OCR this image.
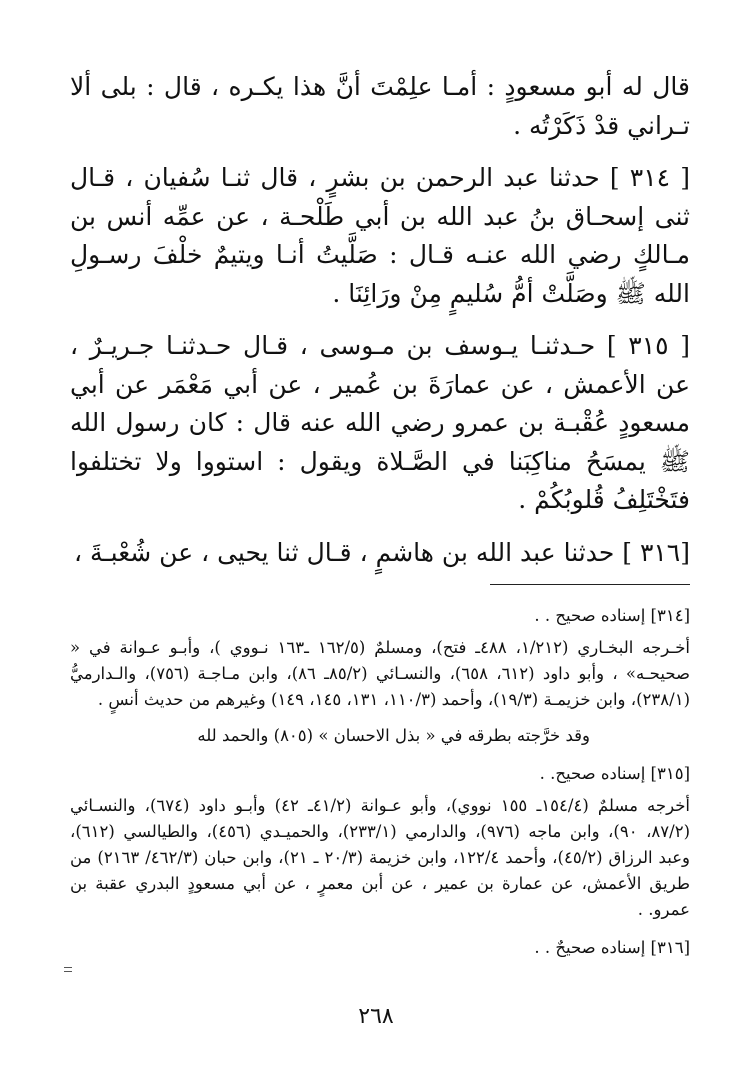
قال له أبو مسعودٍ : أمـا علِمْتَ أنَّ هذا يكـره ، قال : بلى ألا تـراني قدْ ذَكَرْتُه .

[ ٣١٤ ] حدثنا عبد الرحمن بن بشرٍ ، قال ثنـا سُفيان ، قـال ثنى إسحـاق بنُ عبد الله بن أبي طَلْحـة ، عن عمِّه أنس بن مـالكٍ رضي الله عنـه قـال : صَلَّيتُ أنـا ويتيمٌ خلْفَ رسـولِ الله ﷺ وصَلَّتْ أمُّ سُليمٍ مِنْ ورَائِنَا .

[ ٣١٥ ] حـدثنـا يـوسف بن مـوسى ، قـال حـدثنـا جـريـرٌ ، عن الأعمش ، عن عمارَةَ بن عُمير ، عن أبي مَعْمَر عن أبي مسعودٍ عُقْبـة بن عمرو رضي الله عنه قال : كان رسول الله ﷺ يمسَحُ مناكِبَنا في الصَّـلاة ويقول : استووا ولا تختلفوا فتَخْتَلِفُ قُلوبُكُمْ .

[٣١٦ ] حدثنا عبد الله بن هاشمٍ ، قـال ثنا يحيى ، عن شُعْبـةَ ،

[٣١٤] إسناده صحيح . .

أخـرجه البخـاري (١/٢١٢، ٤٨٨ـ فتح)، ومسلمٌ (١٦٢/٥ ـ١٦٣ نـووي )، وأبـو عـوانة في « صحيحـه» ، وأبو داود (٦١٢، ٦٥٨)، والنسـائي (٨٥/٢ـ ٨٦)، وابن مـاجـة (٧٥٦)، والـدارميُّ (٢٣٨/١)، وابن خزيمـة (١٩/٣)، وأحمد (١١٠/٣، ١٣١، ١٤٥، ١٤٩) وغيرهم من حديث أنسٍ .

وقد خرَّجته بطرقه في « بذل الاحسان » (٨٠٥) والحمد لله

[٣١٥] إسناده صحيح. .

أخرجه مسلمٌ (١٥٤/٤ـ ١٥٥ نووي)، وأبو عـوانة (٤١/٢ـ ٤٢) وأبـو داود (٦٧٤)، والنسـائي (٨٧/٢، ٩٠)، وابن ماجه (٩٧٦)، والدارمي (٢٣٣/١)، والحميـدي (٤٥٦)، والطيالسي (٦١٢)، وعبد الرزاق (٤٥/٢)، وأحمد ١٢٢/٤، وابن خزيمة (٢٠/٣ ـ ٢١)، وابن حبان (٤٦٢/٣/ ٢١٦٣) من طريق الأعمش، عن عمارة بن عمير ، عن أبن معمرٍ ، عن أبي مسعودٍ البدري عقبة بن عمرو. .

[٣١٦] إسناده صحيحٌ . .

٢٦٨
